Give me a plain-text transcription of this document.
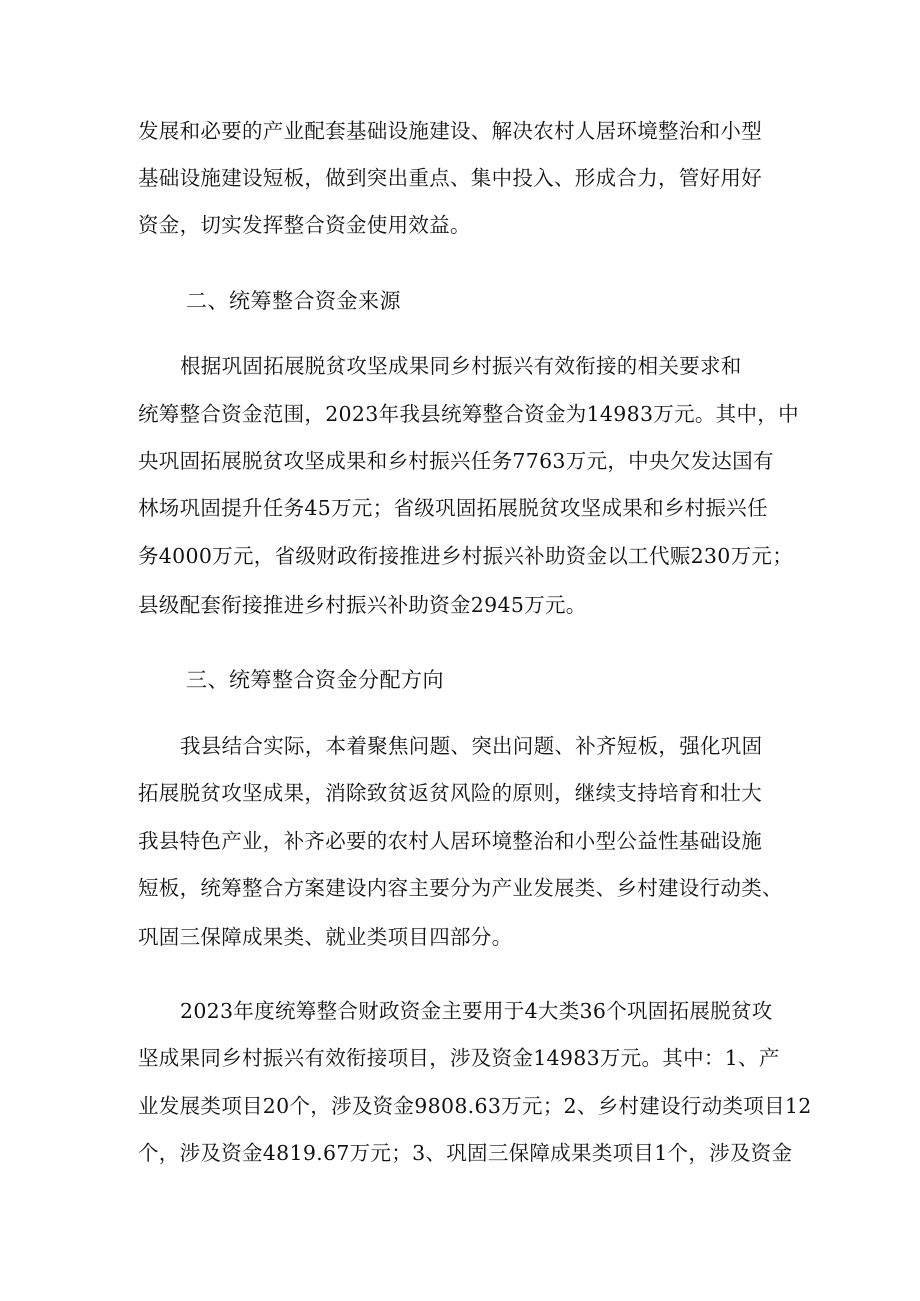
发展和必要的产业配套基础设施建设、解决农村人居环境整治和小型
基础设施建设短板，做到突出重点、集中投入、形成合力，管好用好
资金，切实发挥整合资金使用效益。
二、统筹整合资金来源
根据巩固拓展脱贫攻坚成果同乡村振兴有效衔接的相关要求和
统筹整合资金范围，2023年我县统筹整合资金为14983万元。其中，中
央巩固拓展脱贫攻坚成果和乡村振兴任务7763万元，中央欠发达国有
林场巩固提升任务45万元；省级巩固拓展脱贫攻坚成果和乡村振兴任
务4000万元，省级财政衔接推进乡村振兴补助资金以工代赈230万元；
县级配套衔接推进乡村振兴补助资金2945万元。
三、统筹整合资金分配方向
我县结合实际，本着聚焦问题、突出问题、补齐短板，强化巩固
拓展脱贫攻坚成果，消除致贫返贫风险的原则，继续支持培育和壮大
我县特色产业，补齐必要的农村人居环境整治和小型公益性基础设施
短板，统筹整合方案建设内容主要分为产业发展类、乡村建设行动类、
巩固三保障成果类、就业类项目四部分。
2023年度统筹整合财政资金主要用于4大类36个巩固拓展脱贫攻
坚成果同乡村振兴有效衔接项目，涉及资金14983万元。其中：1、产
业发展类项目20个，涉及资金9808.63万元；2、乡村建设行动类项目12
个，涉及资金4819.67万元；3、巩固三保障成果类项目1个，涉及资金
